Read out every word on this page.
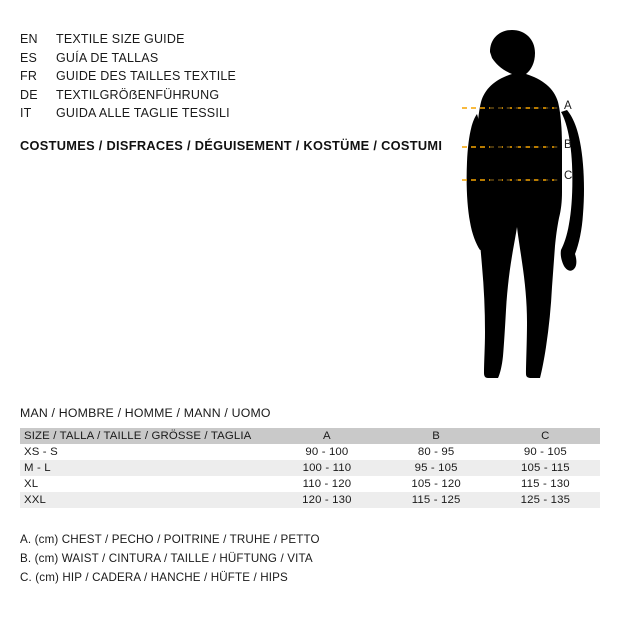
EN	TEXTILE SIZE GUIDE
ES	GUÍA DE TALLAS
FR	GUIDE DES TAILLES TEXTILE
DE	TEXTILGRÖẞENFÜHRUNG
IT	GUIDA ALLE TAGLIE TESSILI
COSTUMES / DISFRACES / DÉGUISEMENT / KOSTÜME / COSTUMI
A
B
C
MAN / HOMBRE / HOMME / MANN / UOMO
SIZE / TALLA / TAILLE / GRÖSSE / TAGLIA	A	B	C
XS - S	90 - 100	80 - 95	90 - 105
M - L	100 - 110	95 - 105	105 - 115
XL	110 - 120	105 - 120	115 - 130
XXL	120 - 130	115 - 125	125 - 135
A. (cm) CHEST / PECHO / POITRINE / TRUHE / PETTO
B. (cm) WAIST / CINTURA / TAILLE / HÜFTUNG / VITA
C. (cm) HIP / CADERA / HANCHE / HÜFTE / HIPS
